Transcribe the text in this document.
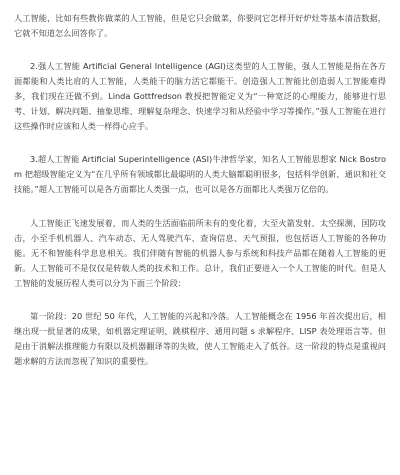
人工智能，比如有些教你做菜的人工智能，但是它只会做菜，你要问它怎样开好炉灶等基本清洁数据，它就不知道怎么回答你了。

2.强人工智能 Artificial General Intelligence (AGI)这类型的人工智能，强人工智能是指在各方面都能和人类比肩的人工智能，人类能干的脑力活它都能干。创造强人工智能比创造弱人工智能难得多，我们现在还做不到。Linda Gottfredson 教授把智能定义为“一种宽泛的心理能力，能够进行思考、计划、解决问题、抽象思维、理解复杂理念、快速学习和从经验中学习等操作。”强人工智能在进行这些操作时应该和人类一样得心应手。

3.超人工智能 Artificial Superintelligence (ASI)牛津哲学家，知名人工智能思想家 Nick Bostrom 把超级智能定义为“在几乎所有领域都比最聪明的人类大脑都聪明很多，包括科学创新、通识和社交技能。”超人工智能可以是各方面都比人类强一点，也可以是各方面都比人类强万亿倍的。

人工智能正飞速发展着，而人类的生活面临前所未有的变化着，大至火箭发射、太空探测，国防攻击，小至手机机器人、汽车动态、无人驾驶汽车、查询信息、天气预报，也包括语人工智能的各种功能。无不和智能科学息息相关。我们伴随有智能的机器人参与系统和科技产品都在随着人工智能的更新。人工智能可不是仅仅是转载人类的技术和工作。总计，我们正要进入一个人工智能的时代。但是人工智能的发展历程人类可以分为下面三个阶段：

第一阶段：20 世纪 50 年代，人工智能的兴起和冷落。人工智能概念在 1956 年首次提出后，相继出现一批显著的成果，如机器定理证明、跳棋程序、通用问题 s 求解程序、LISP 表处理语言等。但是由于消解法推理能力有限以及机器翻译等的失败，使人工智能走入了低谷。这一阶段的特点是重视问题求解的方法而忽视了知识的重要性。
